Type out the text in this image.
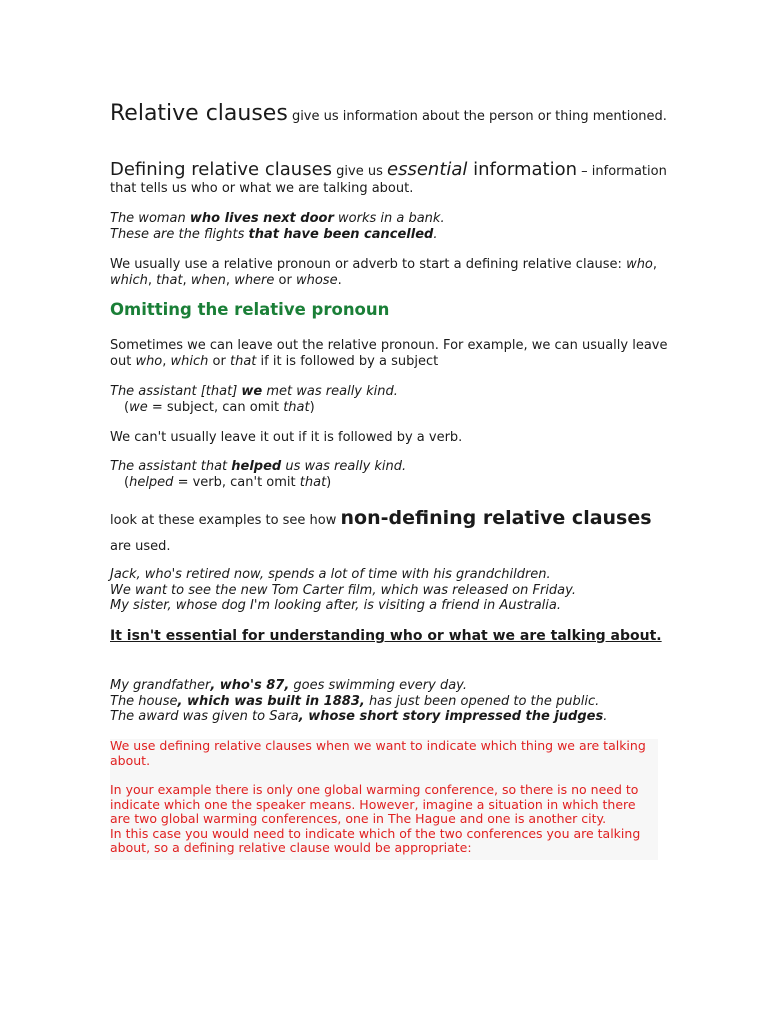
Relative clauses give us information about the person or thing mentioned.

Defining relative clauses give us essential information – information that tells us who or what we are talking about.

The woman who lives next door works in a bank.

These are the flights that have been cancelled.

We usually use a relative pronoun or adverb to start a defining relative clause: who, which, that, when, where or whose.

Omitting the relative pronoun

Sometimes we can leave out the relative pronoun. For example, we can usually leave out who, which or that if it is followed by a subject

The assistant [that] we met was really kind.

(we = subject, can omit that)

We can't usually leave it out if it is followed by a verb.

The assistant that helped us was really kind.

(helped = verb, can't omit that)

look at these examples to see how non-defining relative clauses are used.

Jack, who's retired now, spends a lot of time with his grandchildren.

We want to see the new Tom Carter film, which was released on Friday.

My sister, whose dog I'm looking after, is visiting a friend in Australia.

It isn't essential for understanding who or what we are talking about.

My grandfather, who's 87, goes swimming every day.

The house, which was built in 1883, has just been opened to the public.

The award was given to Sara, whose short story impressed the judges.

We use defining relative clauses when we want to indicate which thing we are talking about.

In your example there is only one global warming conference, so there is no need to indicate which one the speaker means. However, imagine a situation in which there are two global warming conferences, one in The Hague and one is another city.

In this case you would need to indicate which of the two conferences you are talking about, so a defining relative clause would be appropriate:
